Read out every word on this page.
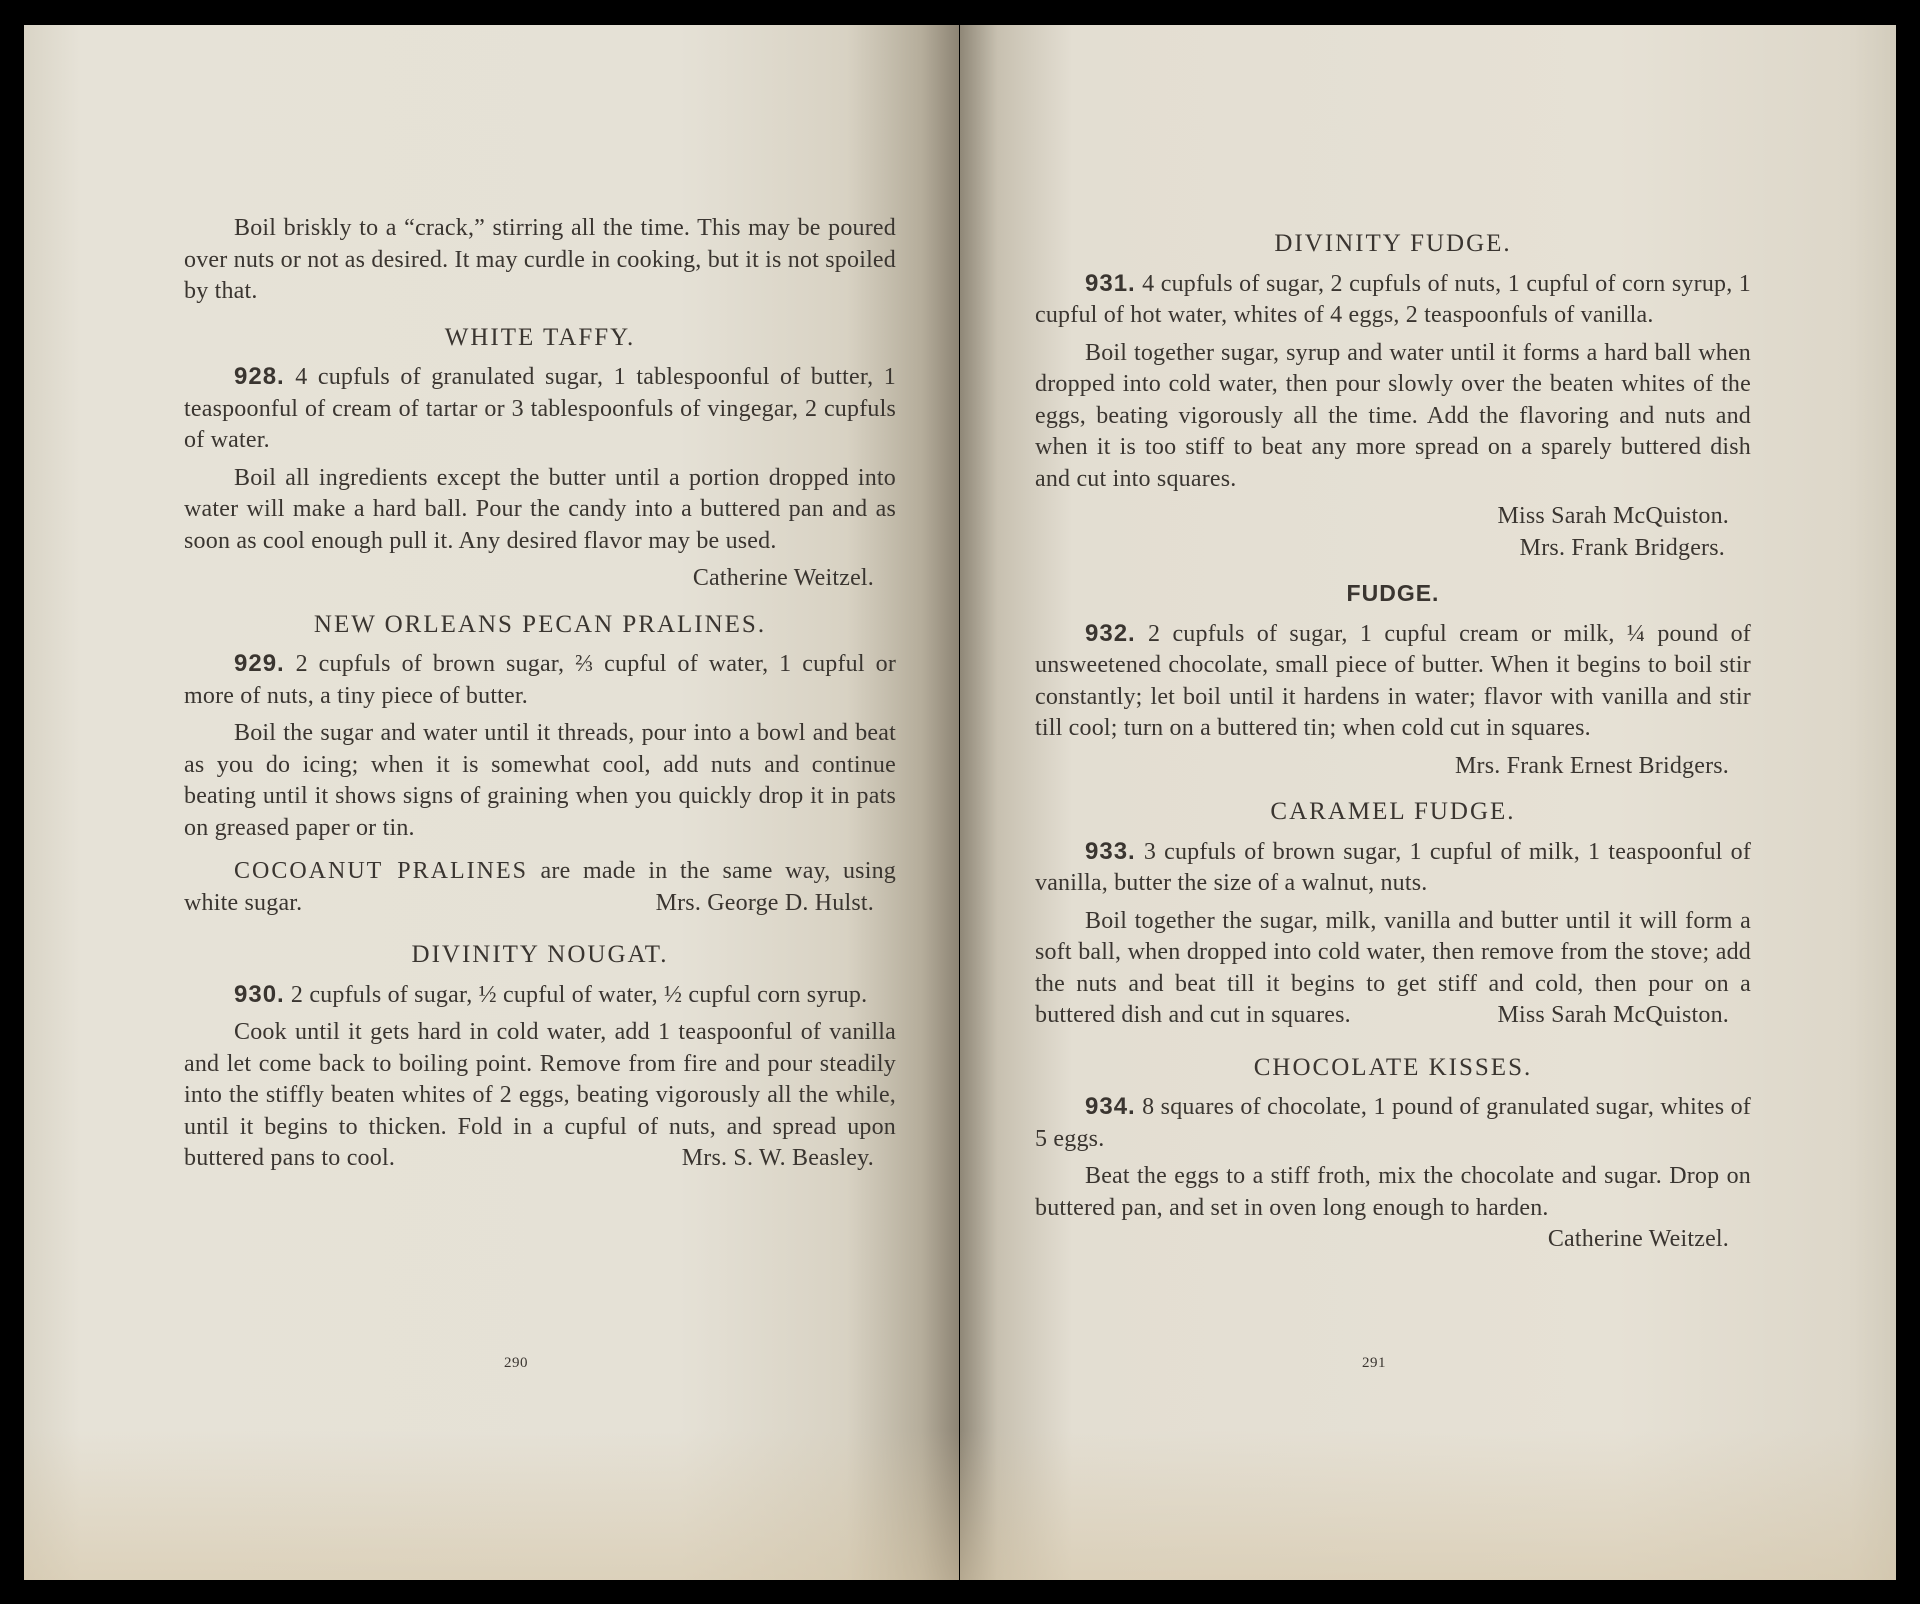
Boil briskly to a “crack,” stirring all the time. This may be poured over nuts or not as desired. It may curdle in cooking, but it is not spoiled by that.

WHITE TAFFY.

928. 4 cupfuls of granulated sugar, 1 tablespoonful of butter, 1 teaspoonful of cream of tartar or 3 tablespoonfuls of vingegar, 2 cupfuls of water.

Boil all ingredients except the butter until a portion dropped into water will make a hard ball. Pour the candy into a buttered pan and as soon as cool enough pull it. Any desired flavor may be used.

Catherine Weitzel.
NEW ORLEANS PECAN PRALINES.

929. 2 cupfuls of brown sugar, ⅔ cupful of water, 1 cupful or more of nuts, a tiny piece of butter.

Boil the sugar and water until it threads, pour into a bowl and beat as you do icing; when it is somewhat cool, add nuts and continue beating until it shows signs of graining when you quickly drop it in pats on greased paper or tin.

COCOANUT PRALINES are made in the same way, using white sugar.	Mrs. George D. Hulst.

DIVINITY NOUGAT.

930. 2 cupfuls of sugar, ½ cupful of water, ½ cupful corn syrup.

Cook until it gets hard in cold water, add 1 teaspoonful of vanilla and let come back to boiling point. Remove from fire and pour steadily into the stiffly beaten whites of 2 eggs, beating vigorously all the while, until it begins to thicken. Fold in a cupful of nuts, and spread upon buttered pans to cool.	Mrs. S. W. Beasley.

290
DIVINITY FUDGE.

931. 4 cupfuls of sugar, 2 cupfuls of nuts, 1 cupful of corn syrup, 1 cupful of hot water, whites of 4 eggs, 2 teaspoonfuls of vanilla.

Boil together sugar, syrup and water until it forms a hard ball when dropped into cold water, then pour slowly over the beaten whites of the eggs, beating vigorously all the time. Add the flavoring and nuts and when it is too stiff to beat any more spread on a sparely buttered dish and cut into squares.

Miss Sarah McQuiston.
Mrs. Frank Bridgers.
FUDGE.

932. 2 cupfuls of sugar, 1 cupful cream or milk, ¼ pound of unsweetened chocolate, small piece of butter. When it begins to boil stir constantly; let boil until it hardens in water; flavor with vanilla and stir till cool; turn on a buttered tin; when cold cut in squares.

Mrs. Frank Ernest Bridgers.
CARAMEL FUDGE.

933. 3 cupfuls of brown sugar, 1 cupful of milk, 1 teaspoonful of vanilla, butter the size of a walnut, nuts.

Boil together the sugar, milk, vanilla and butter until it will form a soft ball, when dropped into cold water, then remove from the stove; add the nuts and beat till it begins to get stiff and cold, then pour on a buttered dish and cut in squares.	Miss Sarah McQuiston.

CHOCOLATE KISSES.

934. 8 squares of chocolate, 1 pound of granulated sugar, whites of 5 eggs.

Beat the eggs to a stiff froth, mix the chocolate and sugar. Drop on buttered pan, and set in oven long enough to harden.
Catherine Weitzel.

291
